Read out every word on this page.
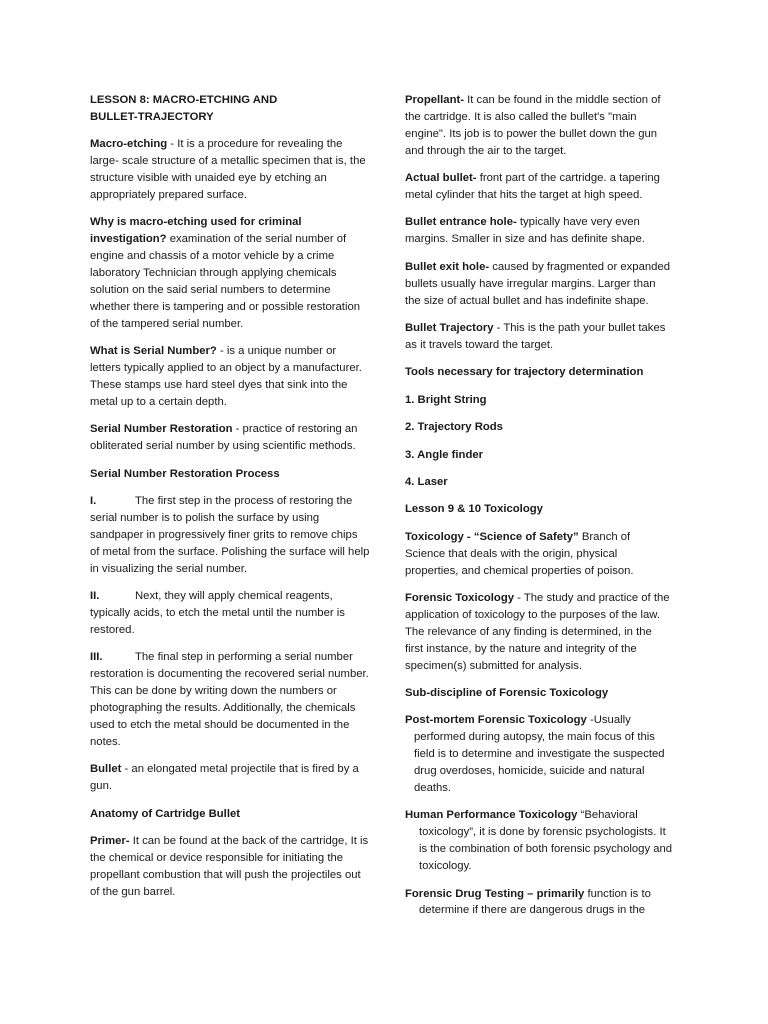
LESSON 8: MACRO-ETCHING AND
BULLET-TRAJECTORY

Macro-etching - It is a procedure for revealing the large- scale structure of a metallic specimen that is, the structure visible with unaided eye by etching an appropriately prepared surface.

Why is macro-etching used for criminal investigation? examination of the serial number of engine and chassis of a motor vehicle by a crime laboratory Technician through applying chemicals solution on the said serial numbers to determine whether there is tampering and or possible restoration of the tampered serial number.

What is Serial Number? - is a unique number or letters typically applied to an object by a manufacturer. These stamps use hard steel dyes that sink into the metal up to a certain depth.

Serial Number Restoration - practice of restoring an obliterated serial number by using scientific methods.

Serial Number Restoration Process

I.	The first step in the process of restoring the serial number is to polish the surface by using sandpaper in progressively finer grits to remove chips of metal from the surface. Polishing the surface will help in visualizing the serial number.

II.	Next, they will apply chemical reagents, typically acids, to etch the metal until the number is restored.

III.	The final step in performing a serial number restoration is documenting the recovered serial number. This can be done by writing down the numbers or photographing the results. Additionally, the chemicals used to etch the metal should be documented in the notes.

Bullet - an elongated metal projectile that is fired by a gun.

Anatomy of Cartridge Bullet

Primer- It can be found at the back of the cartridge, It is the chemical or device responsible for initiating the propellant combustion that will push the projectiles out of the gun barrel.

Propellant- It can be found in the middle section of the cartridge. It is also called the bullet's "main engine". Its job is to power the bullet down the gun and through the air to the target.

Actual bullet- front part of the cartridge. a tapering metal cylinder that hits the target at high speed.

Bullet entrance hole- typically have very even margins. Smaller in size and has definite shape.

Bullet exit hole- caused by fragmented or expanded bullets usually have irregular margins. Larger than the size of actual bullet and has indefinite shape.

Bullet Trajectory - This is the path your bullet takes as it travels toward the target.

Tools necessary for trajectory determination

1. Bright String

2. Trajectory Rods

3. Angle finder

4. Laser

Lesson 9 & 10 Toxicology

Toxicology - “Science of Safety” Branch of Science that deals with the origin, physical properties, and chemical properties of poison.

Forensic Toxicology - The study and practice of the application of toxicology to the purposes of the law. The relevance of any finding is determined, in the first instance, by the nature and integrity of the specimen(s) submitted for analysis.

Sub-discipline of Forensic Toxicology

Post-mortem Forensic Toxicology -Usually performed during autopsy, the main focus of this field is to determine and investigate the suspected drug overdoses, homicide, suicide and natural deaths.

Human Performance Toxicology “Behavioral toxicology”, it is done by forensic psychologists. It is the combination of both forensic psychology and toxicology.

Forensic Drug Testing – primarily function is to determine if there are dangerous drugs in the
